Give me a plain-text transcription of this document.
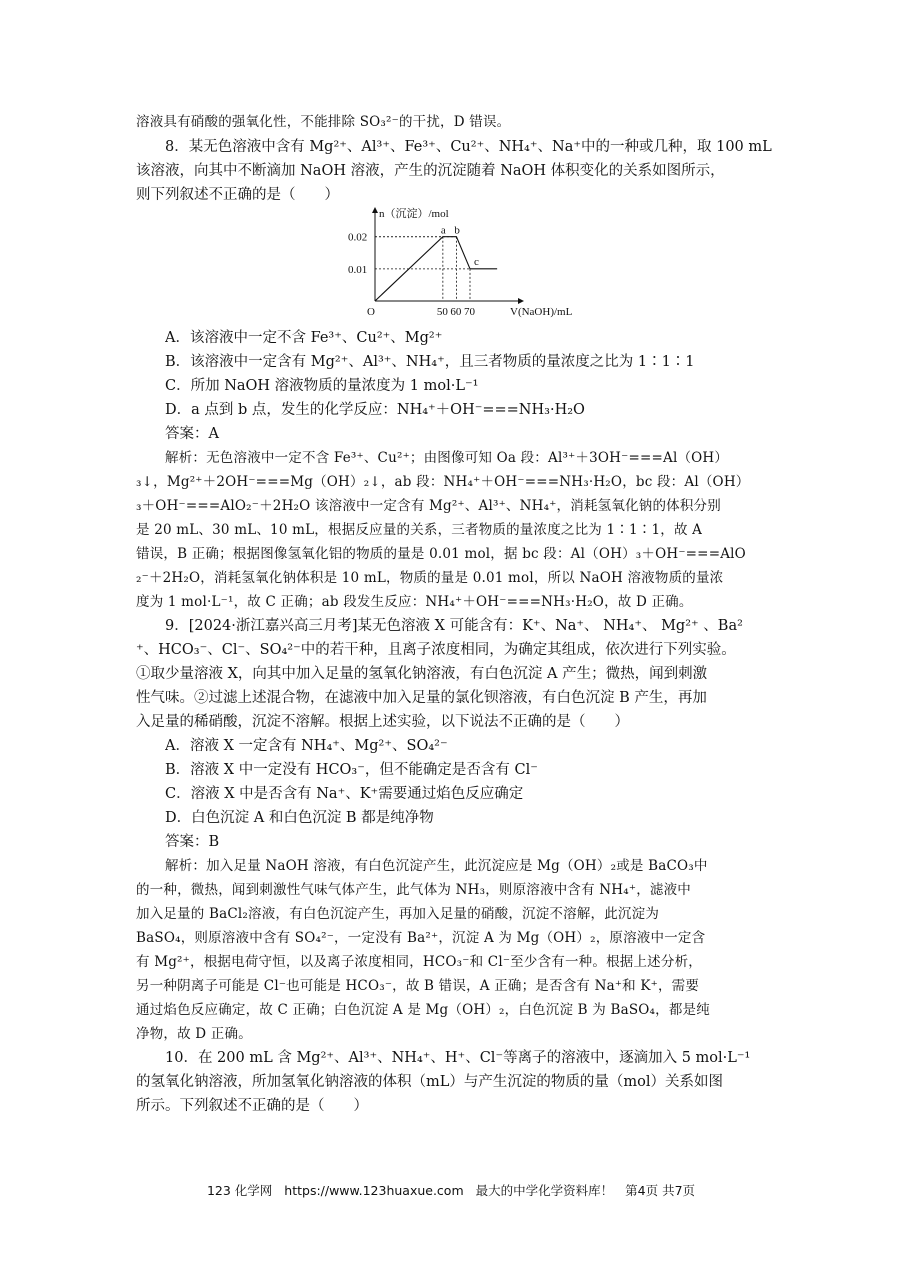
溶液具有硝酸的强氧化性，不能排除 SO₃²⁻的干扰，D 错误。
8．某无色溶液中含有 Mg²⁺、Al³⁺、Fe³⁺、Cu²⁺、NH₄⁺、Na⁺中的一种或几种，取 100 mL
该溶液，向其中不断滴加 NaOH 溶液，产生的沉淀随着 NaOH 体积变化的关系如图所示，
则下列叙述不正确的是（　　）
A．该溶液中一定不含 Fe³⁺、Cu²⁺、Mg²⁺
B．该溶液中一定含有 Mg²⁺、Al³⁺、NH₄⁺，且三者物质的量浓度之比为 1∶1∶1
C．所加 NaOH 溶液物质的量浓度为 1 mol·L⁻¹
D．a 点到 b 点，发生的化学反应：NH₄⁺＋OH⁻===NH₃·H₂O
答案：A
解析：无色溶液中一定不含 Fe³⁺、Cu²⁺；由图像可知 Oa 段：Al³⁺＋3OH⁻===Al（OH）
₃↓，Mg²⁺＋2OH⁻===Mg（OH）₂↓，ab 段：NH₄⁺＋OH⁻===NH₃·H₂O，bc 段：Al（OH）
₃＋OH⁻===AlO₂⁻＋2H₂O 该溶液中一定含有 Mg²⁺、Al³⁺、NH₄⁺，消耗氢氧化钠的体积分别
是 20 mL、30 mL、10 mL，根据反应量的关系，三者物质的量浓度之比为 1∶1∶1，故 A
错误，B 正确；根据图像氢氧化铝的物质的量是 0.01 mol，据 bc 段：Al（OH）₃＋OH⁻===AlO
₂⁻＋2H₂O，消耗氢氧化钠体积是 10 mL，物质的量是 0.01 mol，所以 NaOH 溶液物质的量浓
度为 1 mol·L⁻¹，故 C 正确；ab 段发生反应：NH₄⁺＋OH⁻===NH₃·H₂O，故 D 正确。
9．[2024·浙江嘉兴高三月考]某无色溶液 X 可能含有：K⁺、Na⁺、 NH₄⁺、 Mg²⁺ 、Ba²
⁺、HCO₃⁻、Cl⁻、SO₄²⁻中的若干种，且离子浓度相同，为确定其组成，依次进行下列实验。
①取少量溶液 X，向其中加入足量的氢氧化钠溶液，有白色沉淀 A 产生；微热，闻到刺激
性气味。②过滤上述混合物，在滤液中加入足量的氯化钡溶液，有白色沉淀 B 产生，再加
入足量的稀硝酸，沉淀不溶解。根据上述实验，以下说法不正确的是（　　）
A．溶液 X 一定含有 NH₄⁺、Mg²⁺、SO₄²⁻
B．溶液 X 中一定没有 HCO₃⁻，但不能确定是否含有 Cl⁻
C．溶液 X 中是否含有 Na⁺、K⁺需要通过焰色反应确定
D．白色沉淀 A 和白色沉淀 B 都是纯净物
答案：B
解析：加入足量 NaOH 溶液，有白色沉淀产生，此沉淀应是 Mg（OH）₂或是 BaCO₃中
的一种，微热，闻到刺激性气味气体产生，此气体为 NH₃，则原溶液中含有 NH₄⁺，滤液中
加入足量的 BaCl₂溶液，有白色沉淀产生，再加入足量的硝酸，沉淀不溶解，此沉淀为
BaSO₄，则原溶液中含有 SO₄²⁻，一定没有 Ba²⁺，沉淀 A 为 Mg（OH）₂，原溶液中一定含
有 Mg²⁺，根据电荷守恒，以及离子浓度相同，HCO₃⁻和 Cl⁻至少含有一种。根据上述分析，
另一种阴离子可能是 Cl⁻也可能是 HCO₃⁻，故 B 错误，A 正确；是否含有 Na⁺和 K⁺，需要
通过焰色反应确定，故 C 正确；白色沉淀 A 是 Mg（OH）₂，白色沉淀 B 为 BaSO₄，都是纯
净物，故 D 正确。
10．在 200 mL 含 Mg²⁺、Al³⁺、NH₄⁺、H⁺、Cl⁻等离子的溶液中，逐滴加入 5 mol·L⁻¹
的氢氧化钠溶液，所加氢氧化钠溶液的体积（mL）与产生沉淀的物质的量（mol）关系如图
所示。下列叙述不正确的是（　　）
a b
c
50 60 70
0.02
0.01
O	V(NaOH)/mL
n（沉淀）/mol
123 化学网 https://www.123huaxue.com 最大的中学化学资料库！ 第4页 共7页
